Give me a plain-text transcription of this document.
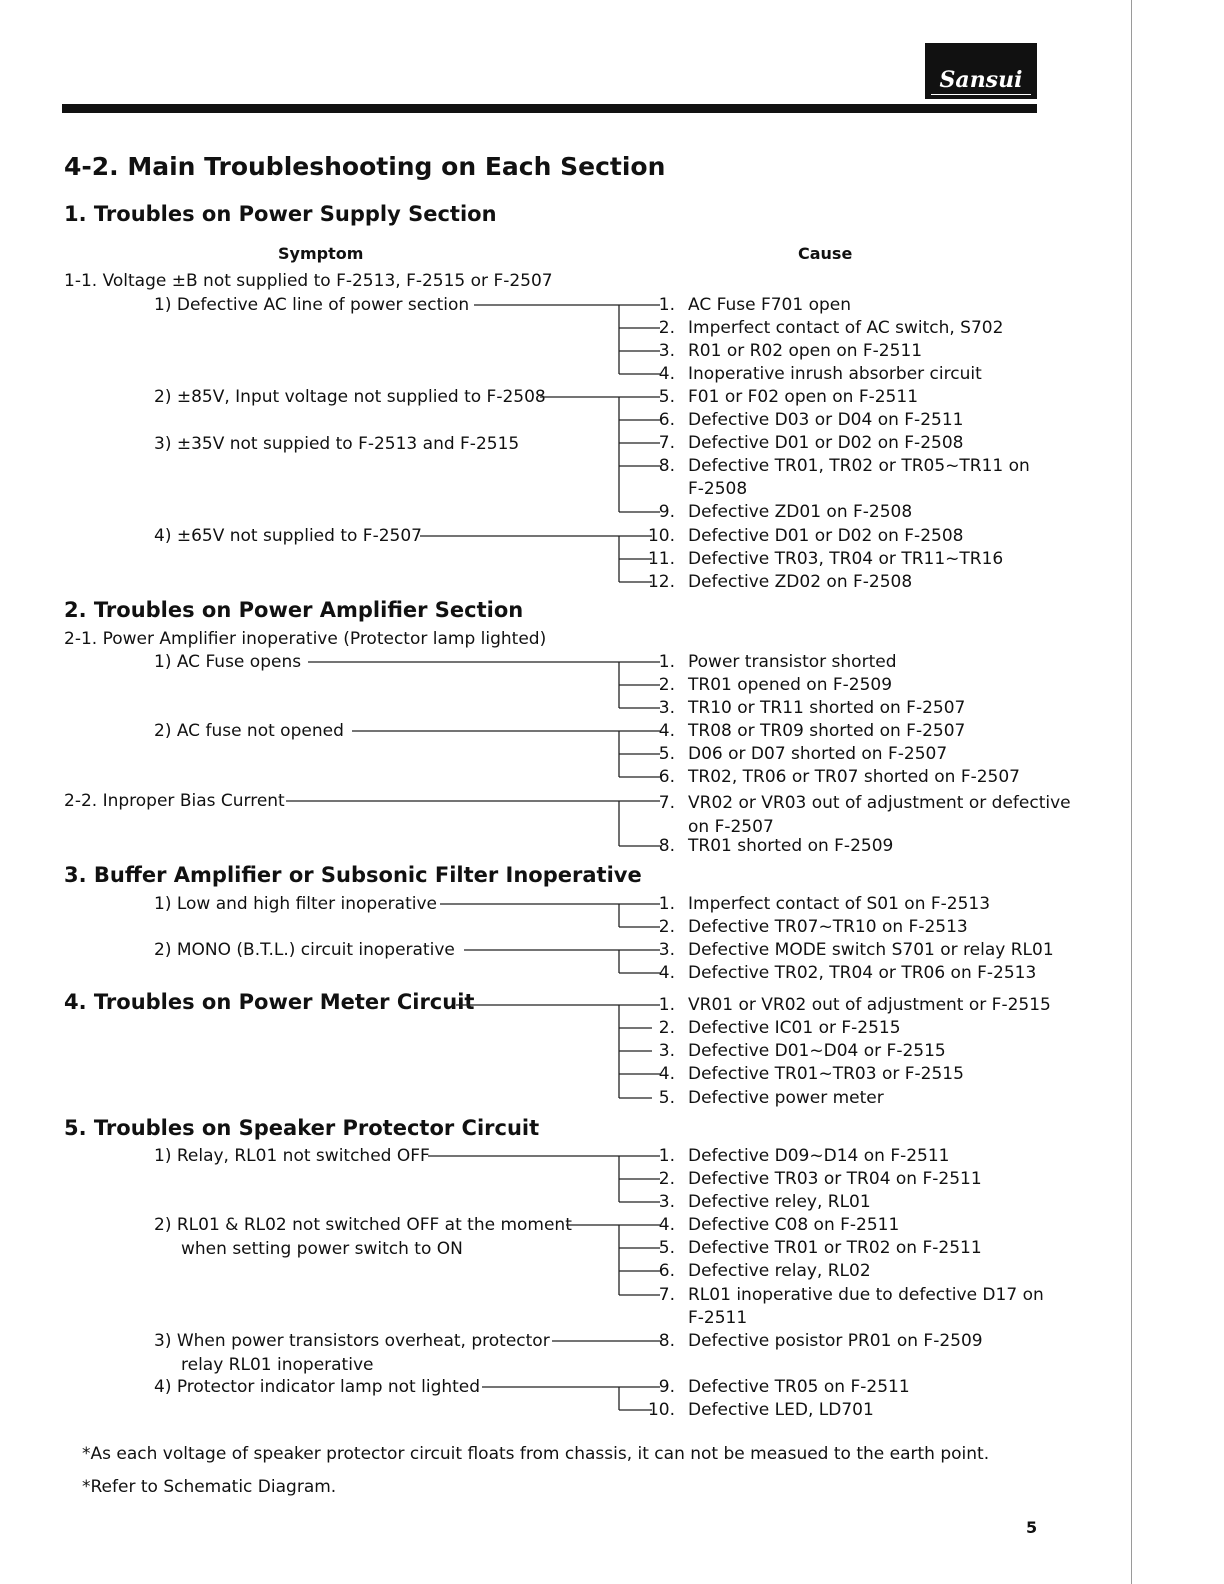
Sansui
4-2. Main Troubleshooting on Each Section
1. Troubles on Power Supply Section
2. Troubles on Power Amplifier Section
3. Buffer Amplifier or Subsonic Filter Inoperative
4. Troubles on Power Meter Circuit
5. Troubles on Speaker Protector Circuit
Symptom	Cause
1-1. Voltage ±B not supplied to F-2513, F-2515 or F-2507
1) Defective AC line of power section
2) ±85V, Input voltage not supplied to F-2508
3) ±35V not suppied to F-2513 and F-2515
4) ±65V not supplied to F-2507
2-1. Power Amplifier inoperative (Protector lamp lighted)
1) AC Fuse opens
2) AC fuse not opened
2-2. Inproper Bias Current
1) Low and high filter inoperative
2) MONO (B.T.L.) circuit inoperative
1) Relay, RL01 not switched OFF
2) RL01 & RL02 not switched OFF at the moment
when setting power switch to ON
3) When power transistors overheat, protector
relay RL01 inoperative
4) Protector indicator lamp not lighted
1. AC Fuse F701 open
2. Imperfect contact of AC switch, S702
3. R01 or R02 open on F-2511
4. Inoperative inrush absorber circuit
5. F01 or F02 open on F-2511
6. Defective D03 or D04 on F-2511
7. Defective D01 or D02 on F-2508
8. Defective TR01, TR02 or TR05~TR11 on
F-2508
9. Defective ZD01 on F-2508
10. Defective D01 or D02 on F-2508
11. Defective TR03, TR04 or TR11~TR16
12. Defective ZD02 on F-2508
1. Power transistor shorted
2. TR01 opened on F-2509
3. TR10 or TR11 shorted on F-2507
4. TR08 or TR09 shorted on F-2507
5. D06 or D07 shorted on F-2507
6. TR02, TR06 or TR07 shorted on F-2507
7. VR02 or VR03 out of adjustment or defective
on F-2507
8. TR01 shorted on F-2509
1. Imperfect contact of S01 on F-2513
2. Defective TR07~TR10 on F-2513
3. Defective MODE switch S701 or relay RL01
4. Defective TR02, TR04 or TR06 on F-2513
1. VR01 or VR02 out of adjustment or F-2515
2. Defective IC01 or F-2515
3. Defective D01~D04 or F-2515
4. Defective TR01~TR03 or F-2515
5. Defective power meter
1. Defective D09~D14 on F-2511
2. Defective TR03 or TR04 on F-2511
3. Defective reley, RL01
4. Defective C08 on F-2511
5. Defective TR01 or TR02 on F-2511
6. Defective relay, RL02
7. RL01 inoperative due to defective D17 on
F-2511
8. Defective posistor PR01 on F-2509
9. Defective TR05 on F-2511
10. Defective LED, LD701
*As each voltage of speaker protector circuit floats from chassis, it can not be measued to the earth point.
*Refer to Schematic Diagram.
5
